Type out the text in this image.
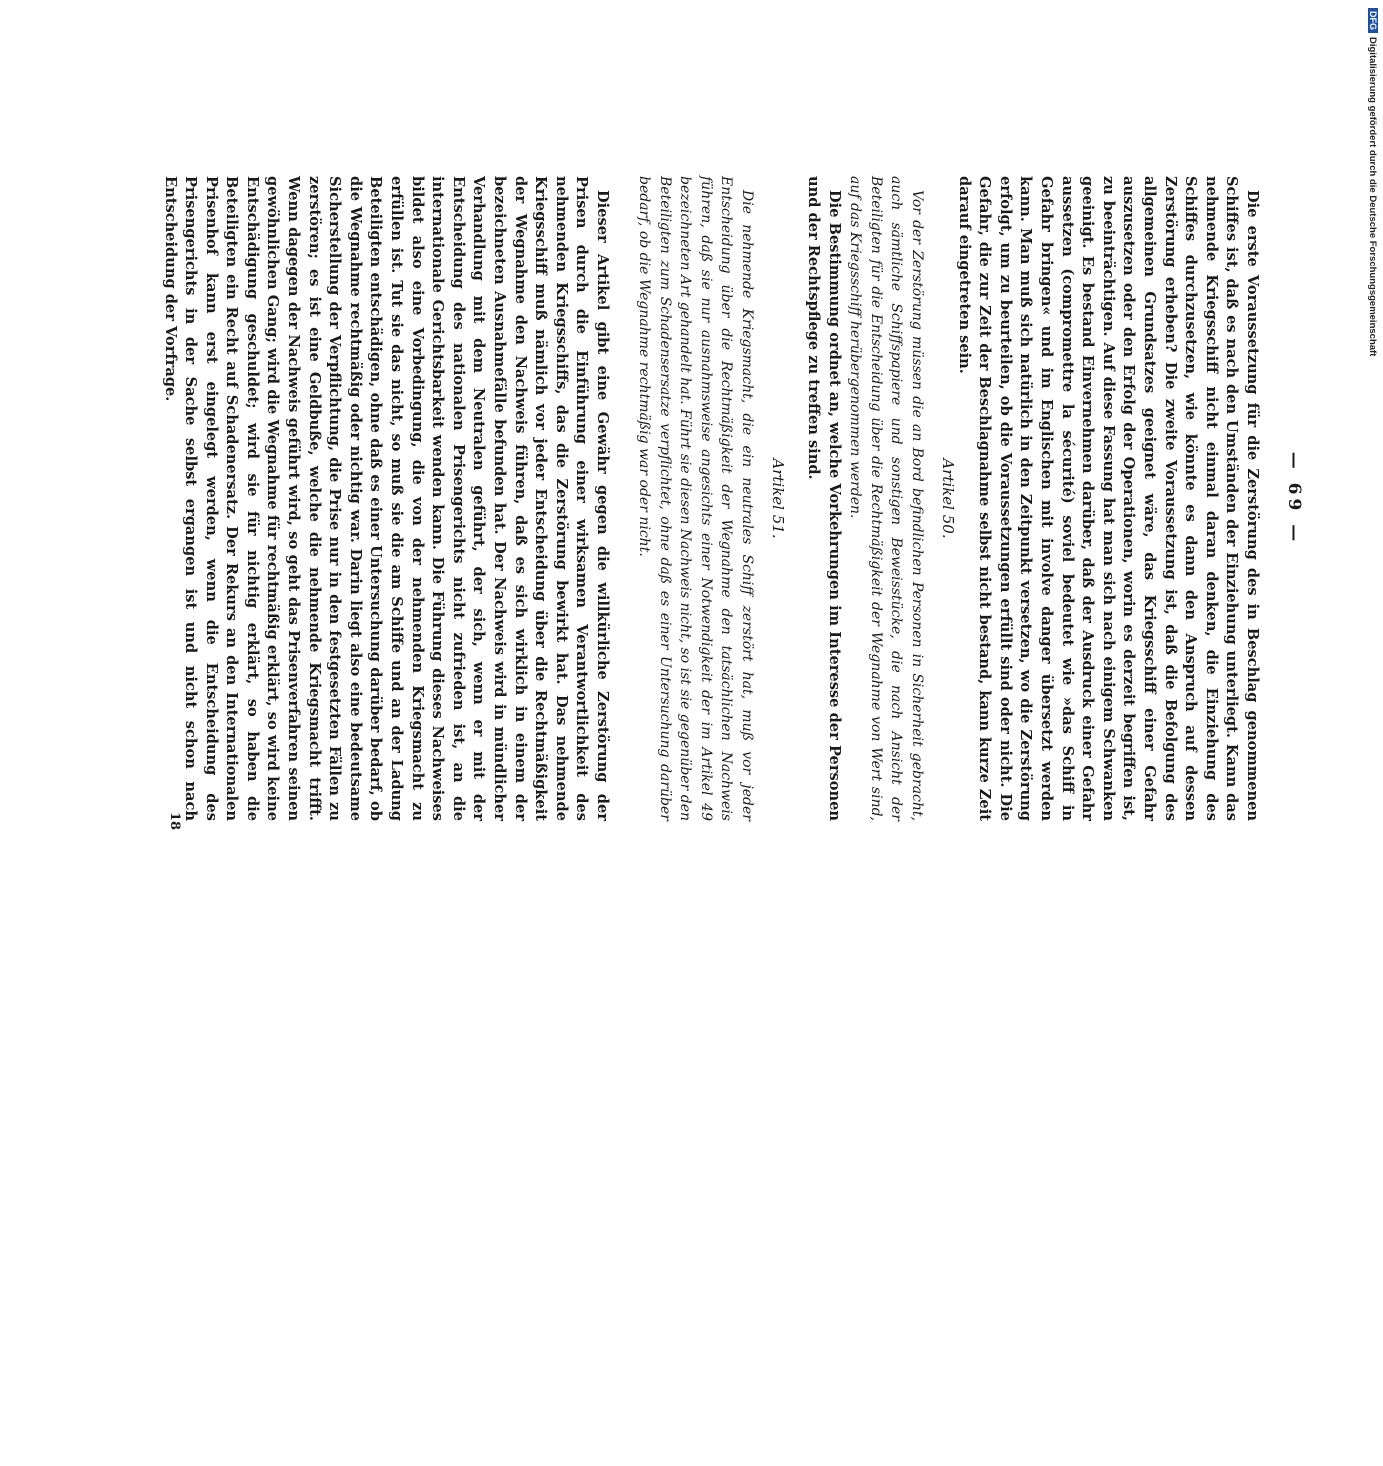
Die erste Voraussetzung für die Zerstörung des in Beschlag genommenen Schiffes ist, daß es nach den Umständen der Einziehung unterliegt. Kann das nehmende Kriegsschiff nicht einmal daran denken, die Einziehung des Schiffes durchzusetzen, wie könnte es dann den Anspruch auf dessen Zerstörung erheben? Die zweite Voraussetzung ist, daß die Befolgung des allgemeinen Grundsatzes geeignet wäre, das Kriegsschiff einer Gefahr auszusetzen oder den Erfolg der Operationen, worin es derzeit begriffen ist, zu beeinträchtigen. Auf diese Fassung hat man sich nach einigem Schwanken geeinigt. Es bestand Einvernehmen darüber, daß der Ausdruck einer Gefahr aussetzen (compromettre la sécurité) soviel bedeutet wie »das Schiff in Gefahr bringen« und im Englischen mit involve danger übersetzt werden kann. Man muß sich natürlich in den Zeitpunkt versetzen, wo die Zerstörung erfolgt, um zu beurteilen, ob die Voraussetzungen erfüllt sind oder nicht. Die Gefahr, die zur Zeit der Beschlagnahme selbst nicht bestand, kann kurze Zeit darauf eingetreten sein.
Artikel 50.
Vor der Zerstörung müssen die an Bord befindlichen Personen in Sicherheit gebracht, auch sämtliche Schiffspapiere und sonstigen Beweisstücke, die nach Ansicht der Beteiligten für die Entscheidung über die Rechtmäßigkeit der Wegnahme von Wert sind, auf das Kriegsschiff herübergenommen werden.
Die Bestimmung ordnet an, welche Vorkehrungen im Interesse der Personen und der Rechtspflege zu treffen sind.
Artikel 51.
Die nehmende Kriegsmacht, die ein neutrales Schiff zerstört hat, muß vor jeder Entscheidung über die Rechtmäßigkeit der Wegnahme den tatsächlichen Nachweis führen, daß sie nur ausnahmsweise angesichts einer Notwendigkeit der im Artikel 49 bezeichneten Art gehandelt hat. Führt sie diesen Nachweis nicht, so ist sie gegenüber den Beteiligten zum Schadensersatze verpflichtet, ohne daß es einer Untersuchung darüber bedarf, ob die Wegnahme rechtmäßig war oder nicht.
Dieser Artikel gibt eine Gewähr gegen die willkürliche Zerstörung der Prisen durch die Einführung einer wirksamen Verantwortlichkeit des nehmenden Kriegsschiffs, das die Zerstörung bewirkt hat. Das nehmende Kriegsschiff muß nämlich vor jeder Entscheidung über die Rechtmäßigkeit der Wegnahme den Nachweis führen, daß es sich wirklich in einem der bezeichneten Ausnahmefälle befunden hat. Der Nachweis wird in mündlicher Verhandlung mit dem Neutralen geführt, der sich, wenn er mit der Entscheidung des nationalen Prisengerichts nicht zufrieden ist, an die internationale Gerichtsbarkeit wenden kann. Die Führung dieses Nachweises bildet also eine Vorbedingung, die von der nehmenden Kriegsmacht zu erfüllen ist. Tut sie das nicht, so muß sie die am Schiffe und an der Ladung Beteiligten entschädigen, ohne daß es einer Untersuchung darüber bedarf, ob die Wegnahme rechtmäßig oder nichtig war. Darin liegt also eine bedeutsame Sicherstellung der Verpflichtung, die Prise nur in den festgesetzten Fällen zu zerstören; es ist eine Geldbuße, welche die nehmende Kriegsmacht trifft. Wenn dagegen der Nachweis geführt wird, so geht das Prisenverfahren seinen gewöhnlichen Gang; wird die Wegnahme für rechtmäßig erklärt, so wird keine Entschädigung geschuldet; wird sie für nichtig erklärt, so haben die Beteiligten ein Recht auf Schadenersatz. Der Rekurs an den Internationalen Prisenhof kann erst eingelegt werden, wenn die Entscheidung des Prisengerichts in der Sache selbst ergangen ist und nicht schon nach Entscheidung der Vorfrage.
— 69 —
18
DFGDigitalisierung gefördert durch die Deutsche Forschungsgemeinschaft
